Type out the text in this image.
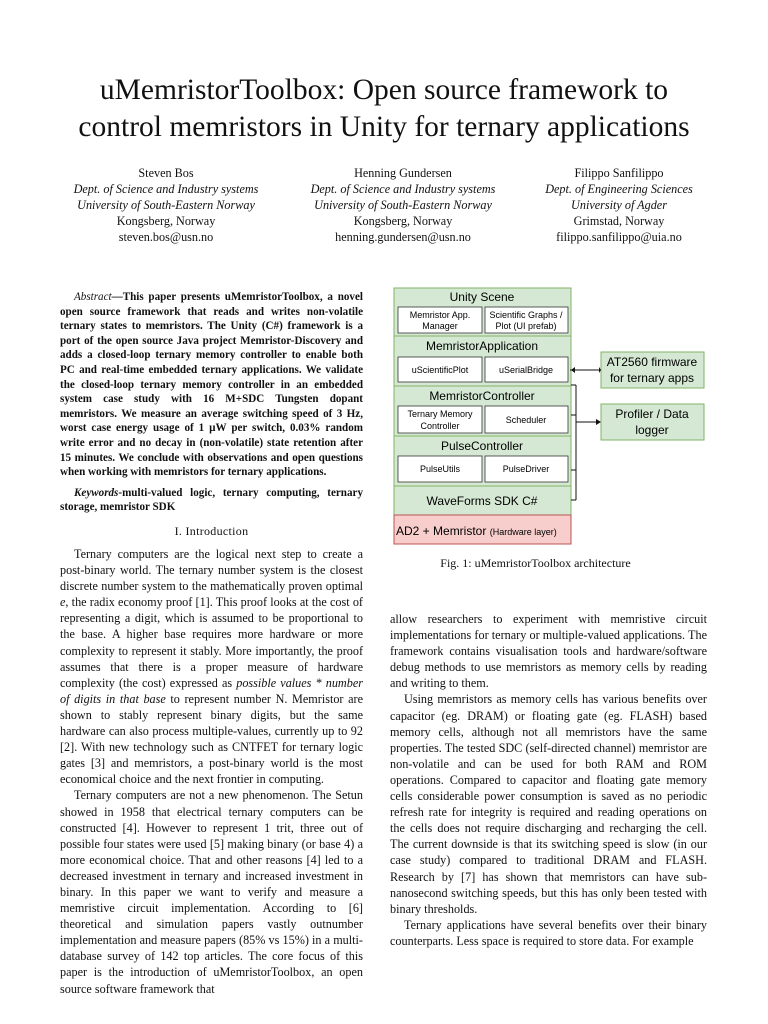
uMemristorToolbox: Open source framework to
control memristors in Unity for ternary applications
Steven Bos
Dept. of Science and Industry systems
University of South-Eastern Norway
Kongsberg, Norway
steven.bos@usn.no
Henning Gundersen
Dept. of Science and Industry systems
University of South-Eastern Norway
Kongsberg, Norway
henning.gundersen@usn.no
Filippo Sanfilippo
Dept. of Engineering Sciences
University of Agder
Grimstad, Norway
filippo.sanfilippo@uia.no

Abstract—This paper presents uMemristorToolbox, a novel open source framework that reads and writes non-volatile ternary states to memristors. The Unity (C#) framework is a port of the open source Java project Memristor-Discovery and adds a closed-loop ternary memory controller to enable both PC and real-time embedded ternary applications. We validate the closed-loop ternary memory controller in an embedded system case study with 16 M+SDC Tungsten dopant memristors. We measure an average switching speed of 3 Hz, worst case energy usage of 1 µW per switch, 0.03% random write error and no decay in (non-volatile) state retention after 15 minutes. We conclude with observations and open questions when working with memristors for ternary applications.

Keywords-multi-valued logic, ternary computing, ternary storage, memristor SDK

I. Introduction

Ternary computers are the logical next step to create a post-binary world. The ternary number system is the closest discrete number system to the mathematically proven optimal e, the radix economy proof [1]. This proof looks at the cost of representing a digit, which is assumed to be proportional to the base. A higher base requires more hardware or more complexity to represent it stably. More importantly, the proof assumes that there is a proper measure of hardware complexity (the cost) expressed as possible values * number of digits in that base to represent number N. Memristor are shown to stably represent binary digits, but the same hardware can also process multiple-values, currently up to 92 [2]. With new technology such as CNTFET for ternary logic gates [3] and memristors, a post-binary world is the most economical choice and the next frontier in computing.

Ternary computers are not a new phenomenon. The Setun showed in 1958 that electrical ternary computers can be constructed [4]. However to represent 1 trit, three out of possible four states were used [5] making binary (or base 4) a more economical choice. That and other reasons [4] led to a decreased investment in ternary and increased investment in binary. In this paper we want to verify and measure a memristive circuit implementation. According to [6] theoretical and simulation papers vastly outnumber implementation and measure papers (85% vs 15%) in a multi-database survey of 142 top articles. The core focus of this paper is the introduction of uMemristorToolbox, an open source software framework that

Unity Scene
Memristor App.
Manager
Scientific Graphs /
Plot (UI prefab)
MemristorApplication
uScientificPlot	uSerialBridge
MemristorController
Ternary Memory
Controller
Scheduler
PulseController
PulseUtils	PulseDriver
WaveForms SDK C#
AD2 + Memristor (Hardware layer)
AT2560 firmware
for ternary apps
Profiler / Data
logger
Fig. 1: uMemristorToolbox architecture

allow researchers to experiment with memristive circuit implementations for ternary or multiple-valued applications. The framework contains visualisation tools and hardware/software debug methods to use memristors as memory cells by reading and writing to them.

Using memristors as memory cells has various benefits over capacitor (eg. DRAM) or floating gate (eg. FLASH) based memory cells, although not all memristors have the same properties. The tested SDC (self-directed channel) memristor are non-volatile and can be used for both RAM and ROM operations. Compared to capacitor and floating gate memory cells considerable power consumption is saved as no periodic refresh rate for integrity is required and reading operations on the cells does not require discharging and recharging the cell. The current downside is that its switching speed is slow (in our case study) compared to traditional DRAM and FLASH. Research by [7] has shown that memristors can have sub-nanosecond switching speeds, but this has only been tested with binary thresholds.

Ternary applications have several benefits over their binary counterparts. Less space is required to store data. For example
